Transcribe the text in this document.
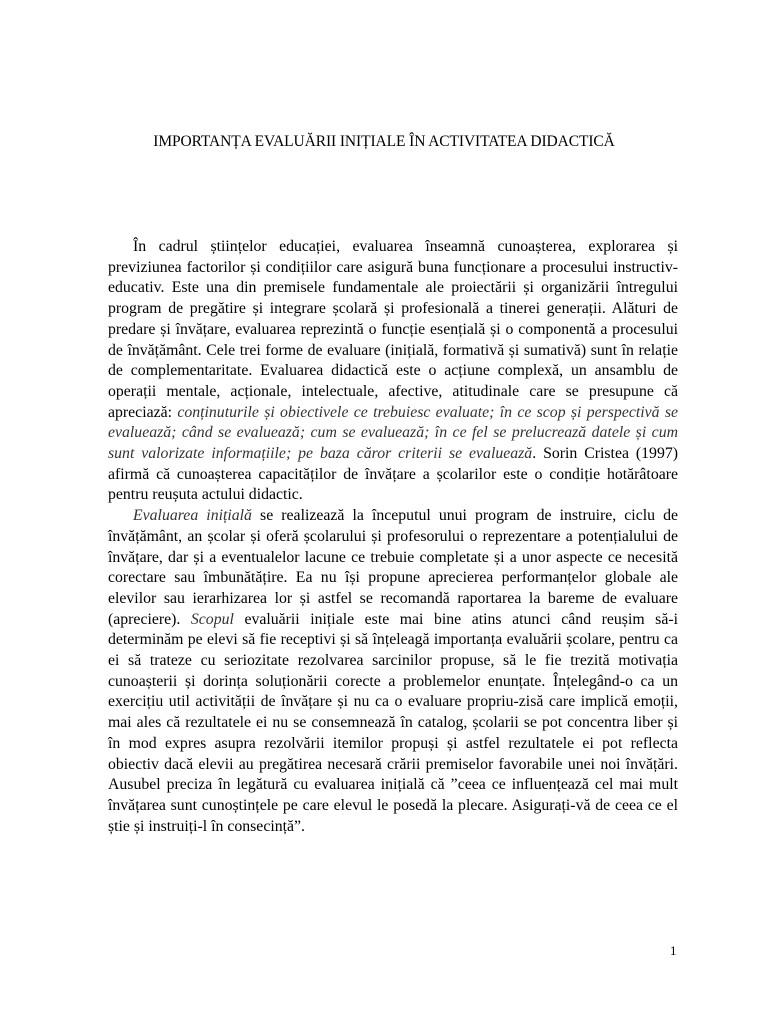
IMPORTANȚA EVALUĂRII INIȚIALE ÎN ACTIVITATEA DIDACTICĂ

În cadrul științelor educației, evaluarea înseamnă cunoașterea, explorarea și previziunea factorilor și condițiilor care asigură buna funcționare a procesului instructiv-educativ. Este una din premisele fundamentale ale proiectării și organizării întregului program de pregătire și integrare școlară și profesională a tinerei generații. Alături de predare și învățare, evaluarea reprezintă o funcție esențială și o componentă a procesului de învățământ. Cele trei forme de evaluare (inițială, formativă și sumativă) sunt în relație de complementaritate. Evaluarea didactică este o acțiune complexă, un ansamblu de operații mentale, acționale, intelectuale, afective, atitudinale care se presupune că apreciază: conținuturile și obiectivele ce trebuiesc evaluate; în ce scop și perspectivă se evaluează; când se evaluează; cum se evaluează; în ce fel se prelucrează datele și cum sunt valorizate informațiile; pe baza căror criterii se evaluează. Sorin Cristea (1997) afirmă că cunoașterea capacităților de învățare a școlarilor este o condiție hotărâtoare pentru reușuta actului didactic.

Evaluarea inițială se realizează la începutul unui program de instruire, ciclu de învățământ, an școlar și oferă școlarului și profesorului o reprezentare a potențialului de învățare, dar și a eventualelor lacune ce trebuie completate și a unor aspecte ce necesită corectare sau îmbunătățire. Ea nu își propune aprecierea performanțelor globale ale elevilor sau ierarhizarea lor și astfel se recomandă raportarea la bareme de evaluare (apreciere). Scopul evaluării inițiale este mai bine atins atunci când reușim să-i determinăm pe elevi să fie receptivi și să înțeleagă importanța evaluării școlare, pentru ca ei să trateze cu seriozitate rezolvarea sarcinilor propuse, să le fie trezită motivația cunoașterii și dorința soluționării corecte a problemelor enunțate. Înțelegând-o ca un exercițiu util activității de învățare și nu ca o evaluare propriu-zisă care implică emoții, mai ales că rezultatele ei nu se consemnează în catalog, școlarii se pot concentra liber și în mod expres asupra rezolvării itemilor propuși și astfel rezultatele ei pot reflecta obiectiv dacă elevii au pregătirea necesară crării premiselor favorabile unei noi învățări. Ausubel preciza în legătură cu evaluarea inițială că ”ceea ce influențează cel mai mult învățarea sunt cunoștințele pe care elevul le posedă la plecare. Asigurați-vă de ceea ce el știe și instruiți-l în consecință”.

1
